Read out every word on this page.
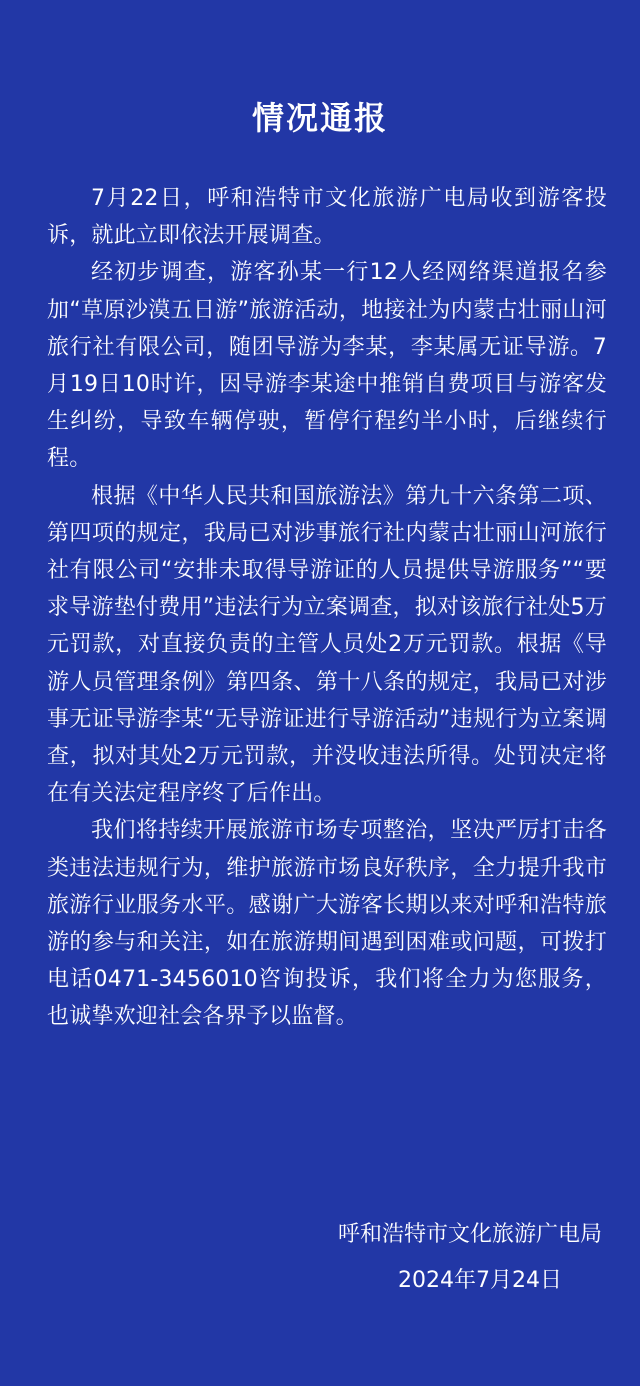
情况通报

7月22日，呼和浩特市文化旅游广电局收到游客投诉，就此立即依法开展调查。

经初步调查，游客孙某一行12人经网络渠道报名参加“草原沙漠五日游”旅游活动，地接社为内蒙古壮丽山河旅行社有限公司，随团导游为李某，李某属无证导游。7月19日10时许，因导游李某途中推销自费项目与游客发生纠纷，导致车辆停驶，暂停行程约半小时，后继续行程。

根据《中华人民共和国旅游法》第九十六条第二项、第四项的规定，我局已对涉事旅行社内蒙古壮丽山河旅行社有限公司“安排未取得导游证的人员提供导游服务”“要求导游垫付费用”违法行为立案调查，拟对该旅行社处5万元罚款，对直接负责的主管人员处2万元罚款。根据《导游人员管理条例》第四条、第十八条的规定，我局已对涉事无证导游李某“无导游证进行导游活动”违规行为立案调查，拟对其处2万元罚款，并没收违法所得。处罚决定将在有关法定程序终了后作出。

我们将持续开展旅游市场专项整治，坚决严厉打击各类违法违规行为，维护旅游市场良好秩序，全力提升我市旅游行业服务水平。感谢广大游客长期以来对呼和浩特旅游的参与和关注，如在旅游期间遇到困难或问题，可拨打电话0471-3456010咨询投诉，我们将全力为您服务，也诚挚欢迎社会各界予以监督。

呼和浩特市文化旅游广电局
2024年7月24日
